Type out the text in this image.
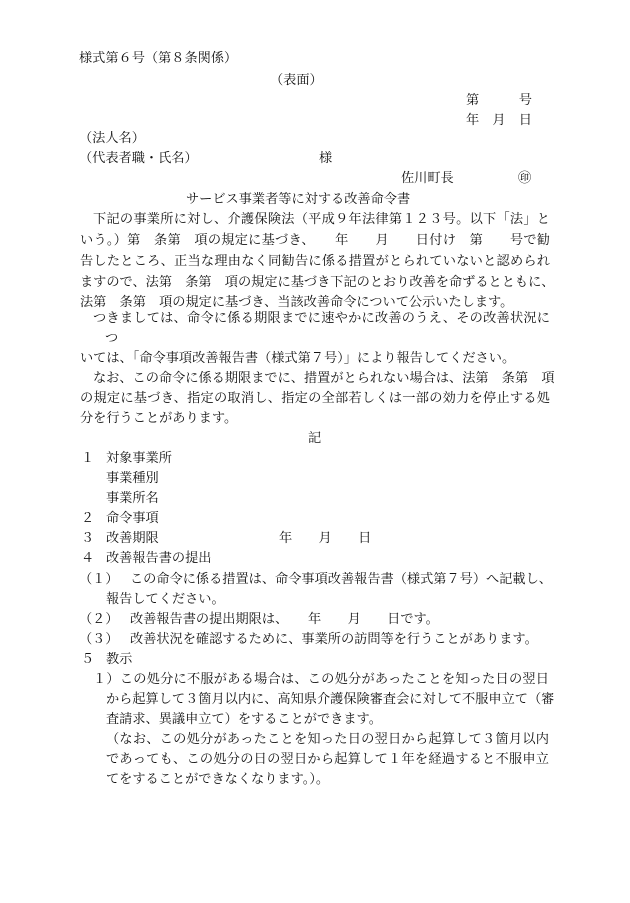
様式第６号（第８条関係）
（表面）
第　　　号
年　月　日
（法人名）
（代表者職・氏名）	様
佐川町長	㊞
サービス事業者等に対する改善命令書
下記の事業所に対し、介護保険法（平成９年法律第１２３号。以下「法」と
いう。）第　条第　項の規定に基づき、　　年　　月　　日付け　第　　号で勧
告したところ、正当な理由なく同勧告に係る措置がとられていないと認められ
ますので、法第　条第　項の規定に基づき下記のとおり改善を命ずるとともに、
法第　条第　項の規定に基づき、当該改善命令について公示いたします。
つきましては、命令に係る期限までに速やかに改善のうえ、その改善状況に
つ
いては、「命令事項改善報告書（様式第７号）」により報告してください。
なお、この命令に係る期限までに、措置がとられない場合は、法第　条第　項
の規定に基づき、指定の取消し、指定の全部若しくは一部の効力を停止する処
分を行うことがあります。
記
１ 対象事業所
事業種別
事業所名
２ 命令事項
３ 改善期限	年　　月　　日
４ 改善報告書の提出
（１） この命令に係る措置は、命令事項改善報告書（様式第７号）へ記載し、
報告してください。
（２） 改善報告書の提出期限は、　　年　　月　　日です。
（３） 改善状況を確認するために、事業所の訪問等を行うことがあります。
５ 教示
１）この処分に不服がある場合は、この処分があったことを知った日の翌日
から起算して３箇月以内に、高知県介護保険審査会に対して不服申立て（審
査請求、異議申立て）をすることができます。
（なお、この処分があったことを知った日の翌日から起算して３箇月以内
であっても、この処分の日の翌日から起算して１年を経過すると不服申立
てをすることができなくなります。）。
